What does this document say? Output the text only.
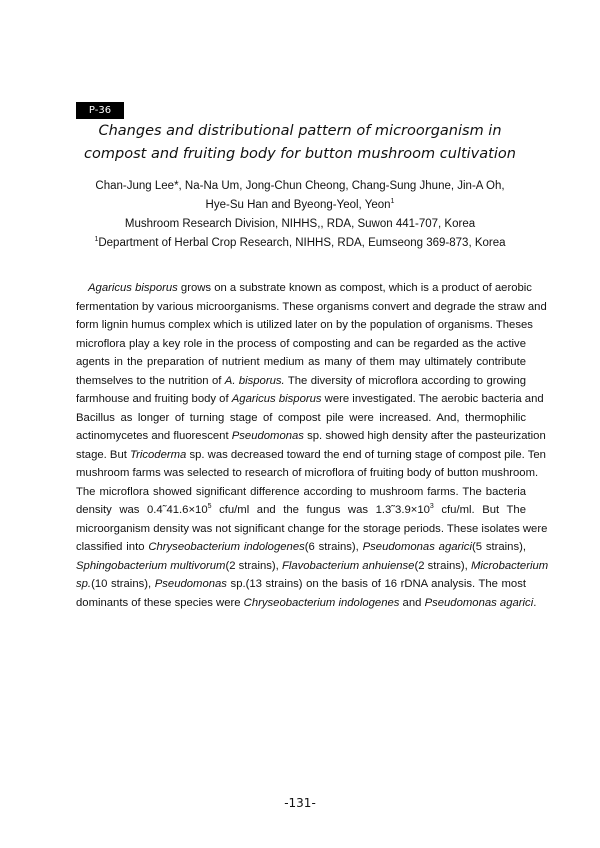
P-36
Changes and distributional pattern of microorganism in
compost and fruiting body for button mushroom cultivation
Chan-Jung Lee*, Na-Na Um, Jong-Chun Cheong, Chang-Sung Jhune, Jin-A Oh,
Hye-Su Han and Byeong-Yeol, Yeon$^1$
Mushroom Research Division, NIHHS,, RDA, Suwon 441-707, Korea
$^1$Department of Herbal Crop Research, NIHHS, RDA, Eumseong 369-873, Korea
Agaricus bisporus grows on a substrate known as compost, which is a product of aerobic
fermentation by various microorganisms. These organisms convert and degrade the straw and
form lignin humus complex which is utilized later on by the population of organisms. Theses
microflora play a key role in the process of composting and can be regarded as the active
agents in the preparation of nutrient medium as many of them may ultimately contribute
themselves to the nutrition of A. bisporus. The diversity of microflora according to growing
farmhouse and fruiting body of Agaricus bisporus were investigated. The aerobic bacteria and
Bacillus as longer of turning stage of compost pile were increased. And, thermophilic
actinomycetes and fluorescent Pseudomonas sp. showed high density after the pasteurization
stage. But Tricoderma sp. was decreased toward the end of turning stage of compost pile. Ten
mushroom farms was selected to research of microflora of fruiting body of button mushroom.
The microflora showed significant difference according to mushroom farms. The bacteria
density was $0.4˜41.6\times 10^5$ cfu/ml and the fungus was $1.3˜3.9\times 10^3$ cfu/ml. But The
microorganism density was not significant change for the storage periods. These isolates were
classified into Chryseobacterium indologenes(6 strains), Pseudomonas agarici(5 strains),
Sphingobacterium multivorum(2 strains), Flavobacterium anhuiense(2 strains), Microbacterium
sp.(10 strains), Pseudomonas sp.(13 strains) on the basis of 16 rDNA analysis. The most
dominants of these species were Chryseobacterium indologenes and Pseudomonas agarici.
-131-
